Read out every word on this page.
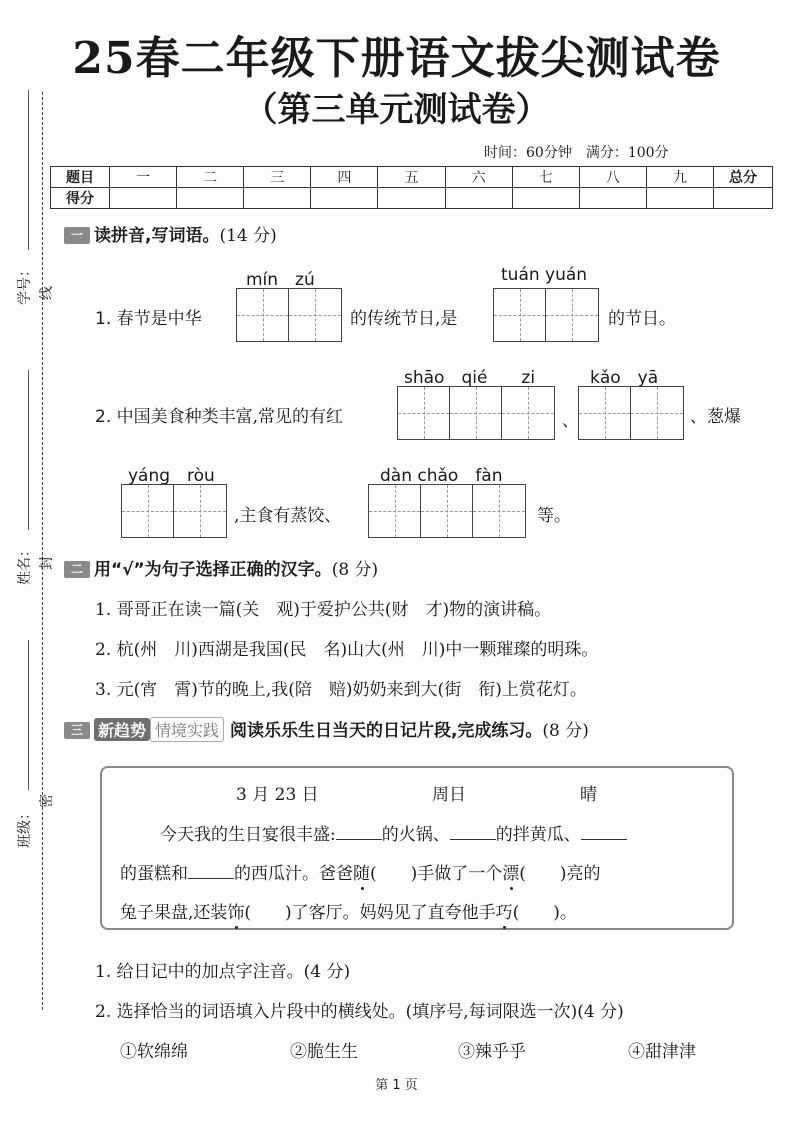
25春二年级下册语文拔尖测试卷
（第三单元测试卷）
时间：60分钟　满分：100分
学号：
姓名：
班级：
线
封
密
题目	一	二	三	四	五	六	七	八	九	总分
得分										
一 读拼音,写词语。(14 分)
mín　zú	tuán yuán
1. 春节是中华	的传统节日,是	的节日。
shāo　qié　　zi	kǎo　yā
2. 中国美食种类丰富,常见的有红	、	、葱爆
yáng　ròu	dàn chǎo　fàn
,主食有蒸饺、	等。
二 用“√”为句子选择正确的汉字。(8 分)
1. 哥哥正在读一篇(关　观)于爱护公共(财　才)物的演讲稿。
2. 杭(州　川)西湖是我国(民　名)山大(州　川)中一颗璀璨的明珠。
3. 元(宵　霄)节的晚上,我(陪　赔)奶奶来到大(街　衔)上赏花灯。
三 新趋势 情境实践 阅读乐乐生日当天的日记片段,完成练习。(8 分)
3 月 23 日	周日	晴
今天我的生日宴很丰盛:	的火锅、	的拌黄瓜、
的蛋糕和	的西瓜汁。爸爸随(　　)手做了一个漂(　　)亮的
兔子果盘,还装饰(　　)了客厅。妈妈见了直夸他手巧(　　)。
1. 给日记中的加点字注音。(4 分)
2. 选择恰当的词语填入片段中的横线处。(填序号,每词限选一次)(4 分)
①软绵绵	②脆生生	③辣乎乎	④甜津津
第 1 页
